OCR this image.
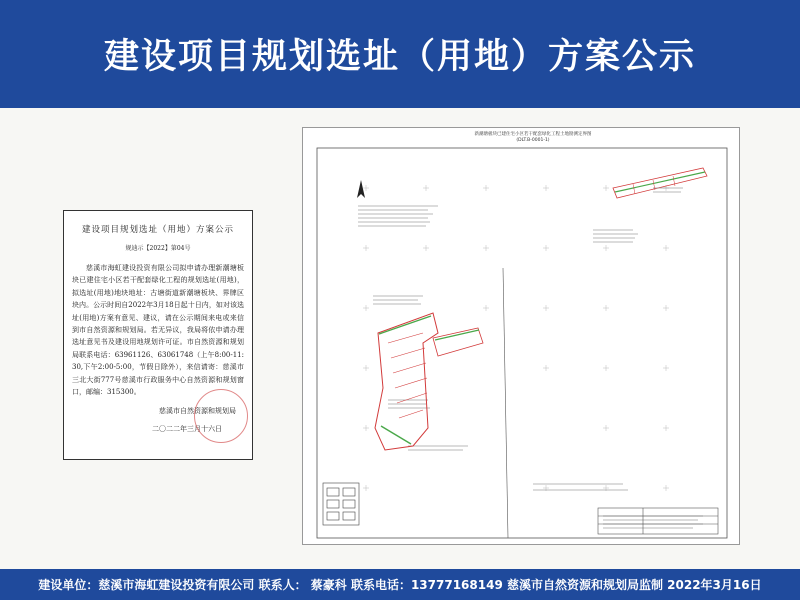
建设项目规划选址（用地）方案公示
建设项目规划选址（用地）方案公示
规迪示【2022】第04号
慈溪市海虹建设投资有限公司拟申请办理新潮塘板块已建住宅小区若干配套绿化工程的规划选址(用地)，拟选址(用地)地块地址：古塘街道新潮塘板块、界牌区块内。公示时间自2022年3月18日起十日内，如对该选址(用地)方案有意见、建议，请在公示期间来电或来信到市自然资源和规划局。若无异议，我局将依申请办理选址意见书及建设用地规划许可证。市自然资源和规划局联系电话：63961126、63061748（上午8:00-11:30,下午2:00-5:00，节假日除外），来信请寄：慈溪市三北大街777号慈溪市行政服务中心自然资源和规划窗口，邮编：315300。
慈溪市自然资源和规划局
二〇二二年三月十六日
新潮塘板块已建住宅小区若干配套绿化工程土地勘测定界图
(DLT.B-0001-1)
建设单位：慈溪市海虹建设投资有限公司 联系人： 蔡豪科 联系电话：13777168149 慈溪市自然资源和规划局监制 2022年3月16日
